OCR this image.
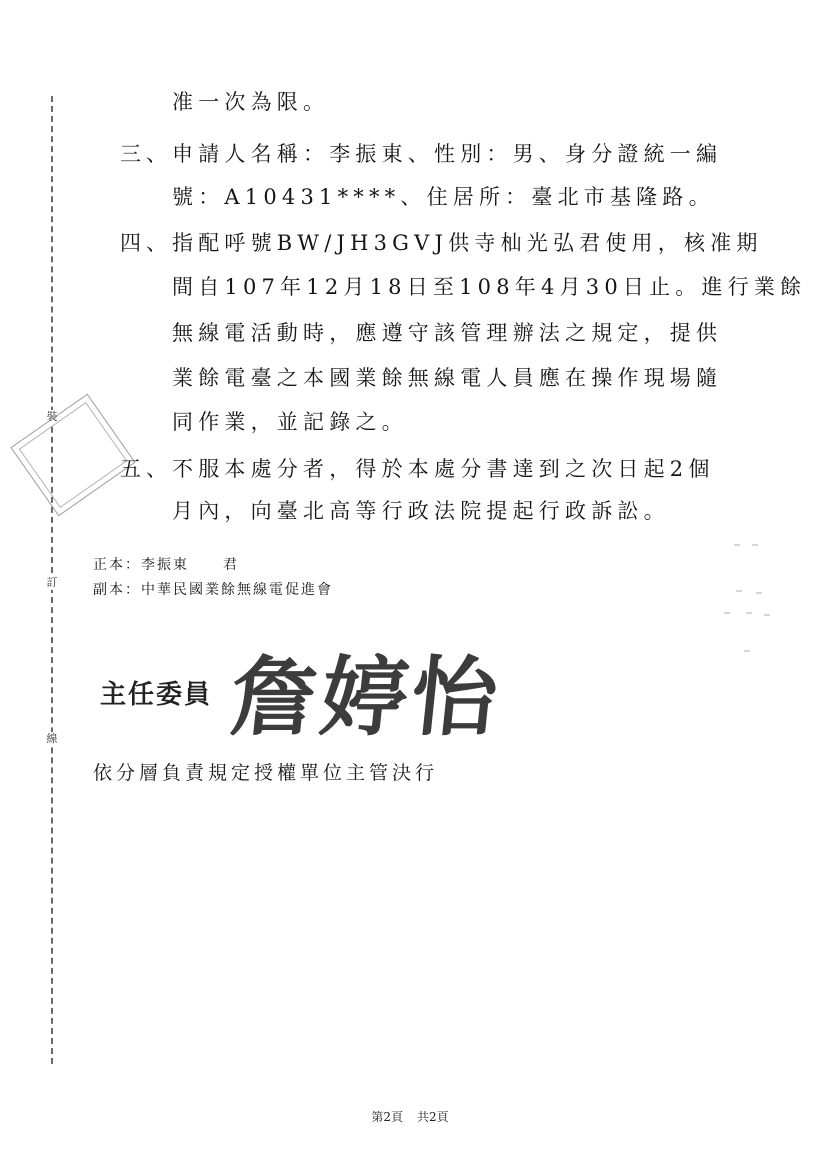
裝
訂
線
准一次為限。
三、 申請人名稱：李振東、性別：男、身分證統一編
號：A10431****、住居所：臺北市基隆路。
四、 指配呼號BW/JH3GVJ供寺杣光弘君使用，核准期
間自107年12月18日至108年4月30日止。進行業餘
無線電活動時，應遵守該管理辦法之規定，提供
業餘電臺之本國業餘無線電人員應在操作現場隨
同作業，並記錄之。
五、 不服本處分者，得於本處分書達到之次日起2個
月內，向臺北高等行政法院提起行政訴訟。
正本：李振東 君
副本：中華民國業餘無線電促進會
主任委員 詹婷怡
依分層負責規定授權單位主管決行
第2頁 共2頁
